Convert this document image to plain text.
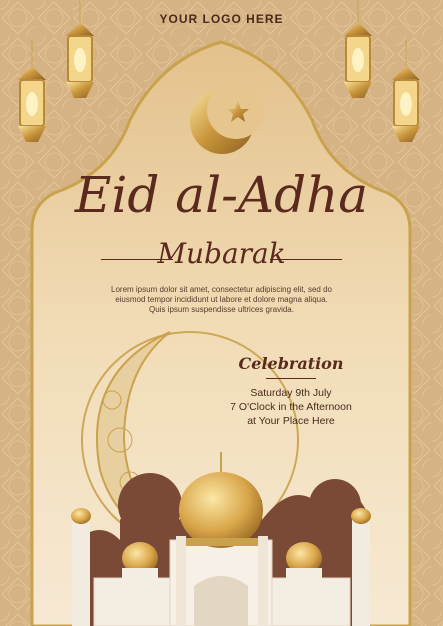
YOUR LOGO HERE
Eid al-Adha
Mubarak
Lorem ipsum dolor sit amet, consectetur adipiscing elit, sed do
eiusmod tempor incididunt ut labore et dolore magna aliqua.
Quis ipsum suspendisse ultrices gravida.
Celebration
Saturday 9th July
7 O'Clock in the Afternoon
at Your Place Here
